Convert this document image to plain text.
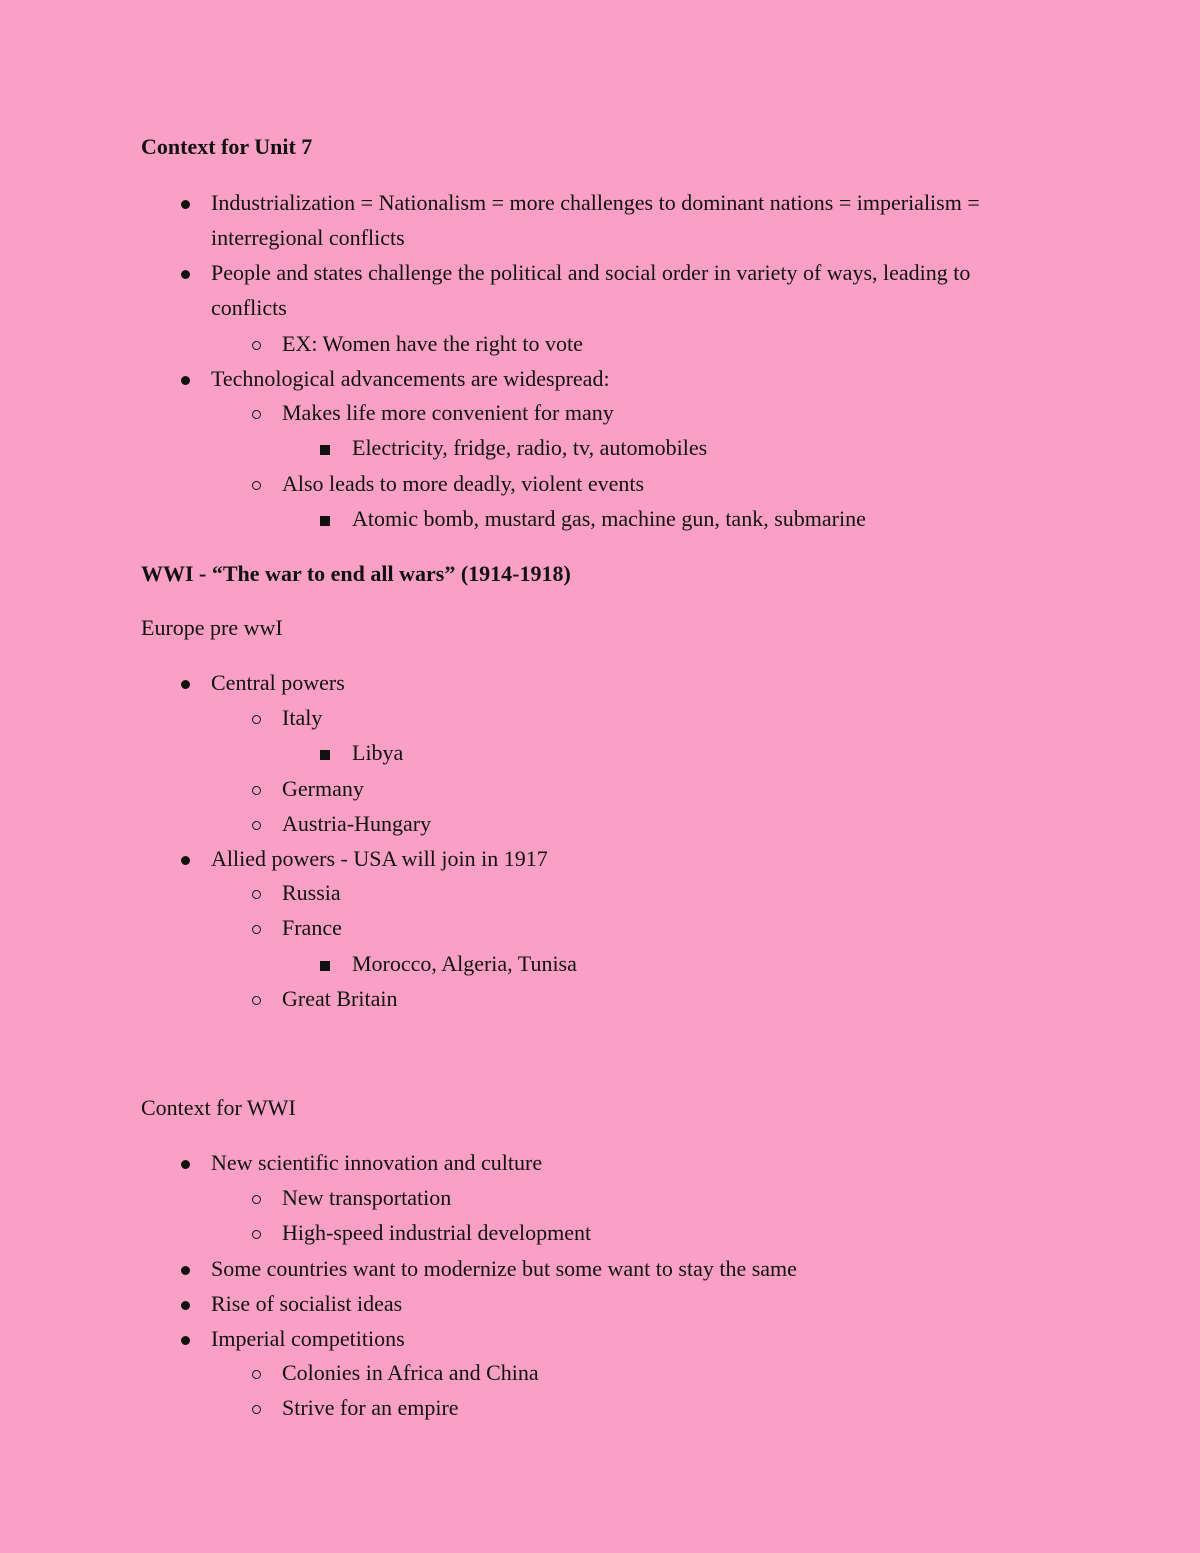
Context for Unit 7
Industrialization = Nationalism = more challenges to dominant nations = imperialism =
interregional conflicts
People and states challenge the political and social order in variety of ways, leading to
conflicts
EX: Women have the right to vote
Technological advancements are widespread:
Makes life more convenient for many
Electricity, fridge, radio, tv, automobiles
Also leads to more deadly, violent events
Atomic bomb, mustard gas, machine gun, tank, submarine
WWI - “The war to end all wars” (1914-1918)
Europe pre wwI
Central powers
Italy
Libya
Germany
Austria-Hungary
Allied powers - USA will join in 1917
Russia
France
Morocco, Algeria, Tunisa
Great Britain
Context for WWI
New scientific innovation and culture
New transportation
High-speed industrial development
Some countries want to modernize but some want to stay the same
Rise of socialist ideas
Imperial competitions
Colonies in Africa and China
Strive for an empire
